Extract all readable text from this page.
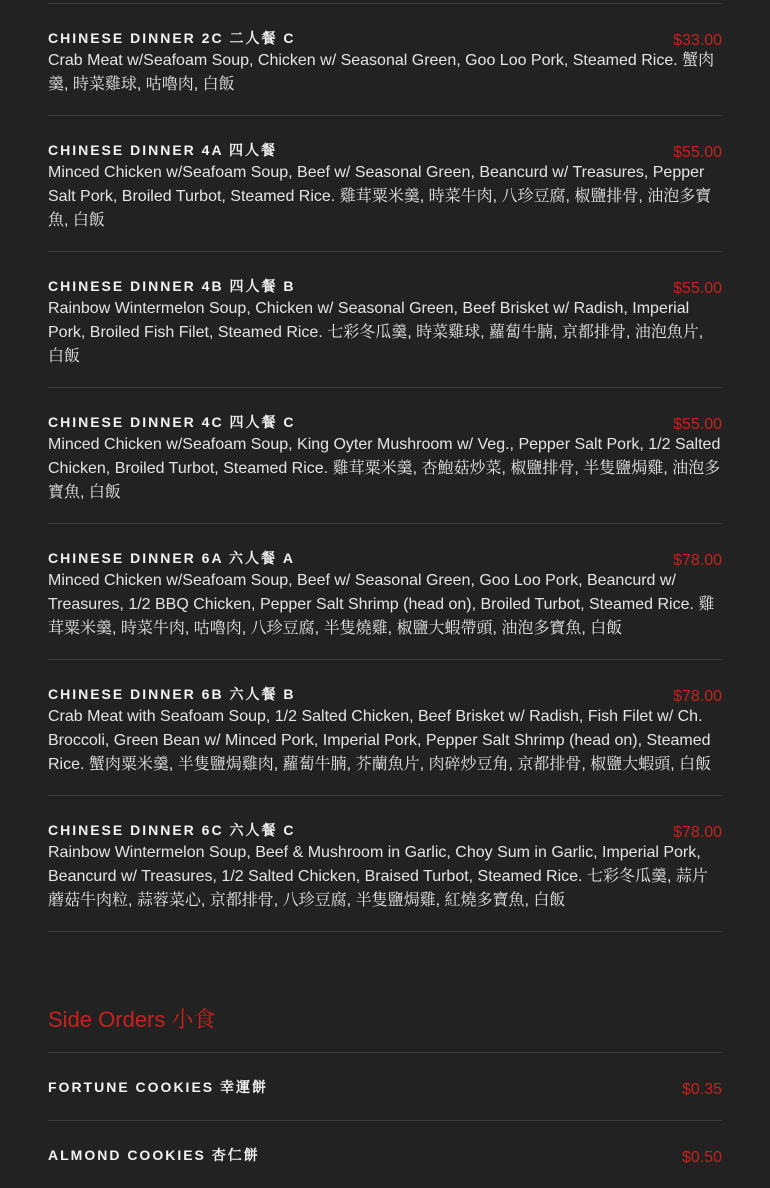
CHINESE DINNER 2C 二人餐 C	$33.00
Crab Meat w/Seafoam Soup, Chicken w/ Seasonal Green, Goo Loo Pork, Steamed Rice. 蟹肉羹, 時菜雞球, 咕嚕肉, 白飯
CHINESE DINNER 4A 四人餐	$55.00
Minced Chicken w/Seafoam Soup, Beef w/ Seasonal Green, Beancurd w/ Treasures, Pepper Salt Pork, Broiled Turbot, Steamed Rice. 雞茸粟米羹, 時菜牛肉, 八珍豆腐, 椒鹽排骨, 油泡多寶魚, 白飯
CHINESE DINNER 4B 四人餐 B	$55.00
Rainbow Wintermelon Soup, Chicken w/ Seasonal Green, Beef Brisket w/ Radish, Imperial Pork, Broiled Fish Filet, Steamed Rice. 七彩冬瓜羹, 時菜雞球, 蘿蔔牛腩, 京都排骨, 油泡魚片, 白飯
CHINESE DINNER 4C 四人餐 C	$55.00
Minced Chicken w/Seafoam Soup, King Oyter Mushroom w/ Veg., Pepper Salt Pork, 1/2 Salted Chicken, Broiled Turbot, Steamed Rice. 雞茸粟米羹, 杏鮑菇炒菜, 椒鹽排骨, 半隻鹽焗雞, 油泡多寶魚, 白飯
CHINESE DINNER 6A 六人餐 A	$78.00
Minced Chicken w/Seafoam Soup, Beef w/ Seasonal Green, Goo Loo Pork, Beancurd w/ Treasures, 1/2 BBQ Chicken, Pepper Salt Shrimp (head on), Broiled Turbot, Steamed Rice. 雞茸粟米羹, 時菜牛肉, 咕嚕肉, 八珍豆腐, 半隻燒雞, 椒鹽大蝦帶頭, 油泡多寶魚, 白飯
CHINESE DINNER 6B 六人餐 B	$78.00
Crab Meat with Seafoam Soup, 1/2 Salted Chicken, Beef Brisket w/ Radish, Fish Filet w/ Ch. Broccoli, Green Bean w/ Minced Pork, Imperial Pork, Pepper Salt Shrimp (head on), Steamed Rice. 蟹肉粟米羹, 半隻鹽焗雞肉, 蘿蔔牛腩, 芥蘭魚片, 肉碎炒豆角, 京都排骨, 椒鹽大蝦頭, 白飯
CHINESE DINNER 6C 六人餐 C	$78.00
Rainbow Wintermelon Soup, Beef & Mushroom in Garlic, Choy Sum in Garlic, Imperial Pork, Beancurd w/ Treasures, 1/2 Salted Chicken, Braised Turbot, Steamed Rice. 七彩冬瓜羹, 蒜片蘑菇牛肉粒, 蒜蓉菜心, 京都排骨, 八珍豆腐, 半隻鹽焗雞, 紅燒多寶魚, 白飯
Side Orders 小食
FORTUNE COOKIES 幸運餅	$0.35
ALMOND COOKIES 杏仁餅	$0.50
